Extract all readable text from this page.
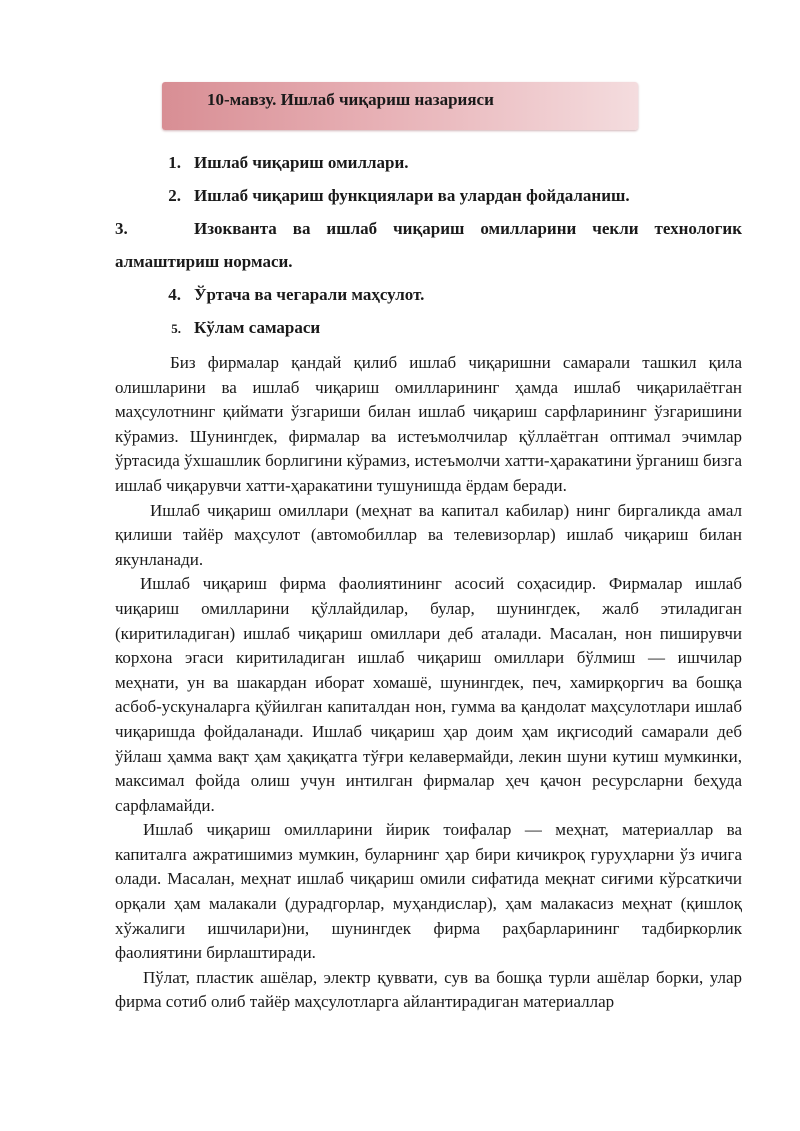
10-мавзу. Ишлаб чиқариш назарияси
1. Ишлаб чиқариш омиллари.
2. Ишлаб чиқариш функциялари ва улардан фойдаланиш.
3.	Изокванта ва ишлаб чиқариш омилларини чекли технологик алмаштириш нормаси.
4. Ўртача ва чегарали маҳсулот.
5. Кўлам самараси

Биз фирмалар қандай қилиб ишлаб чиқаришни самарали ташкил қила олишларини ва ишлаб чиқариш омилларининг ҳамда ишлаб чиқарилаётган маҳсулотнинг қиймати ўзгариши билан ишлаб чиқариш сарфларининг ўзгаришини кўрамиз. Шунингдек, фирмалар ва истеъмолчилар қўллаётган оптимал эчимлар ўртасида ўхшашлик борлигини кўрамиз, истеъмолчи хатти-ҳаракатини ўрганиш бизга ишлаб чиқарувчи хатти-ҳаракатини тушунишда ёрдам беради.

Ишлаб чиқариш омиллари (меҳнат ва капитал кабилар) нинг биргаликда амал қилиши тайёр маҳсулот (автомобиллар ва телевизорлар) ишлаб чиқариш билан якунланади.

Ишлаб чиқариш фирма фаолиятининг асосий соҳасидир. Фирмалар ишлаб чиқариш омилларини қўллайдилар, булар, шунингдек, жалб этиладиган (киритиладиган) ишлаб чиқариш омиллари деб аталади. Масалан, нон пиширувчи корхона эгаси киритиладиган ишлаб чиқариш омиллари бўлмиш — ишчилар меҳнати, ун ва шакардан иборат хомашё, шунингдек, печ, хамирқоргич ва бошқа асбоб-ускуналарга қўйилган капиталдан нон, гумма ва қандолат маҳсулотлари ишлаб чиқаришда фойдаланади. Ишлаб чиқариш ҳар доим ҳам иқгисодий самарали деб ўйлаш ҳамма вақт ҳам ҳақиқатга тўғри келавермайди, лекин шуни кутиш мумкинки, максимал фойда олиш учун интилган фирмалар ҳеч қачон ресурсларни беҳуда сарфламайди.

Ишлаб чиқариш омилларини йирик тоифалар — меҳнат, материаллар ва капиталга ажратишимиз мумкин, буларнинг ҳар бири кичикроқ гуруҳларни ўз ичига олади. Масалан, меҳнат ишлаб чиқариш омили сифатида меқнат сиғими кўрсаткичи орқали ҳам малакали (дурадгорлар, муҳандислар), ҳам малакасиз меҳнат (қишлоқ хўжалиги ишчилари)ни, шунингдек фирма раҳбарларининг тадбиркорлик фаолиятини бирлаштиради.

Пўлат, пластик ашёлар, электр қуввати, сув ва бошқа турли ашёлар борки, улар фирма сотиб олиб тайёр маҳсулотларга айлантирадиган материаллар
